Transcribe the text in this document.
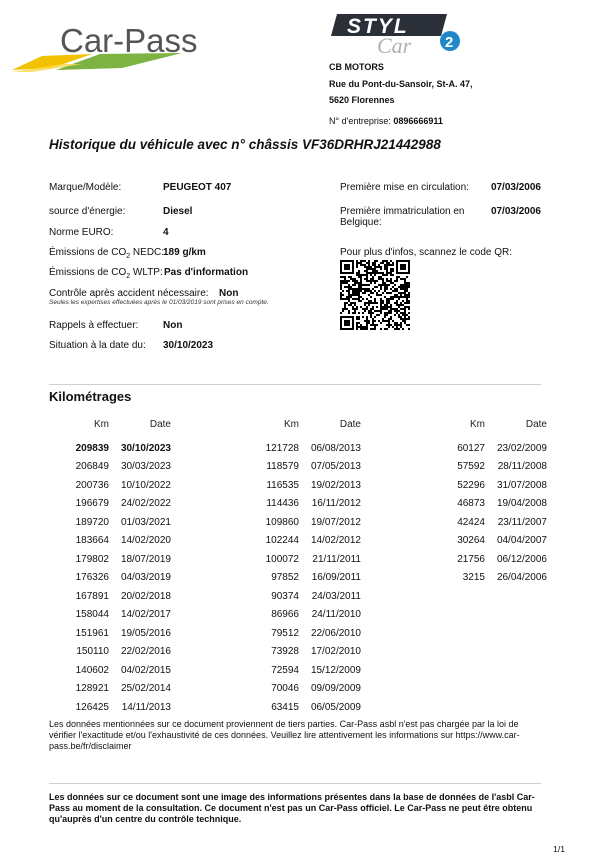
Car-Pass	STYL
Car 2
CB MOTORS
Rue du Pont-du-Sansoir, St-A. 47,
5620 Florennes
N° d'entreprise: 0896666911
Historique du véhicule avec n° châssis VF36DRHRJ21442988
Marque/Modèle:	PEUGEOT 407
source d'énergie:	Diesel
Norme EURO:	4
Émissions de $CO_2$ NEDC:
189 g/km
Émissions de $CO_2$ WLTP: Pas d'information
Contrôle après accident nécessaire: Non
Seules les expertises effectuées après le 01/03/2019 sont prises en compte.
Rappels à effectuer: Non
Situation à la date du: 30/10/2023
Première mise en circulation: 07/03/2006
Première immatriculation en Belgique:
07/03/2006
Pour plus d'infos, scannez le code QR:
Kilométrages
Km	Date
209839	30/10/2023
206849	30/03/2023
200736	10/10/2022
196679	24/02/2022
189720	01/03/2021
183664	14/02/2020
179802	18/07/2019
176326	04/03/2019
167891	20/02/2018
158044	14/02/2017
151961	19/05/2016
150110	22/02/2016
140602	04/02/2015
128921	25/02/2014
126425	14/11/2013
Km	Date
121728	06/08/2013
118579	07/05/2013
116535	19/02/2013
114436	16/11/2012
109860	19/07/2012
102244	14/02/2012
100072	21/11/2011
97852	16/09/2011
90374	24/03/2011
86966	24/11/2010
79512	22/06/2010
73928	17/02/2010
72594	15/12/2009
70046	09/09/2009
63415	06/05/2009
Km	Date
60127	23/02/2009
57592	28/11/2008
52296	31/07/2008
46873	19/04/2008
42424	23/11/2007
30264	04/04/2007
21756	06/12/2006
3215	26/04/2006
Les données mentionnées sur ce document proviennent de tiers parties. Car-Pass asbl n'est pas chargée par la loi de vérifier l'exactitude et/ou l'exhaustivité de ces données. Veuillez lire attentivement les informations sur https://www.car-pass.be/fr/disclaimer
Les données sur ce document sont une image des informations présentes dans la base de données de l'asbl Car-Pass au moment de la consultation. Ce document n'est pas un Car-Pass officiel. Le Car-Pass ne peut être obtenu qu'auprès d'un centre du contrôle technique.
1/1
